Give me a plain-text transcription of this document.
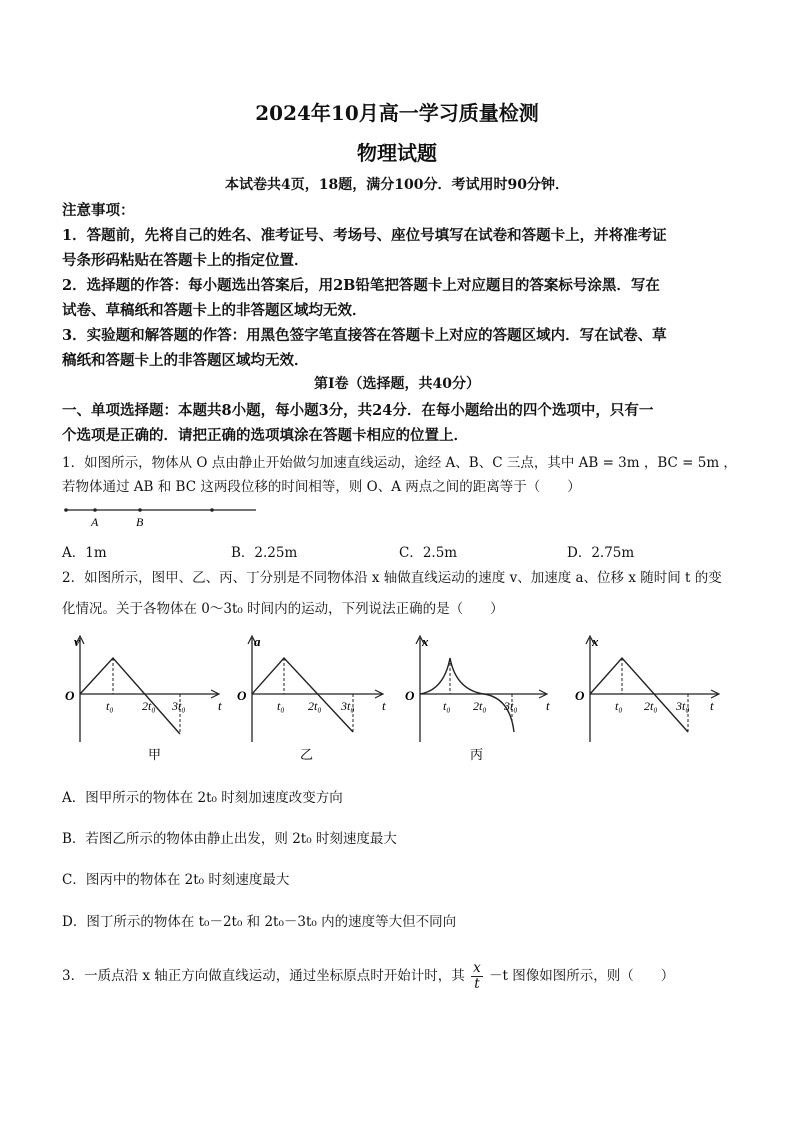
2024年10月高一学习质量检测
物理试题
本试卷共4页，18题，满分100分．考试用时90分钟．
注意事项：
1．答题前，先将自己的姓名、准考证号、考场号、座位号填写在试卷和答题卡上，并将准考证
号条形码粘贴在答题卡上的指定位置．
2．选择题的作答：每小题选出答案后，用2B铅笔把答题卡上对应题目的答案标号涂黑．写在
试卷、草稿纸和答题卡上的非答题区域均无效．
3．实验题和解答题的作答：用黑色签字笔直接答在答题卡上对应的答题区域内．写在试卷、草
稿纸和答题卡上的非答题区域均无效．
第Ⅰ卷（选择题，共40分）
一、单项选择题：本题共8小题，每小题3分，共24分．在每小题给出的四个选项中，只有一
个选项是正确的．请把正确的选项填涂在答题卡相应的位置上．
1．如图所示，物体从 O 点由静止开始做匀加速直线运动，途经 A、B、C 三点，其中 AB = 3m ，BC = 5m ，
若物体通过 AB 和 BC 这两段位移的时间相等，则 O、A 两点之间的距离等于（　　）
A	B
A．1m	B．2.25m	C．2.5m	D．2.75m
2．如图所示，图甲、乙、丙、丁分别是不同物体沿 x 轴做直线运动的速度 v、加速度 a、位移 x 随时间 t 的变
化情况。关于各物体在 0～3t₀ 时间内的运动，下列说法正确的是（　　）
v
O
t
t₀ 2t₀ 3t₀
甲
a
O
t
t₀ 2t₀ 3t₀
乙
x
O
t
t₀ 2t₀ 3t₀
丙
x
O
t
t₀ 2t₀ 3t₀
A．图甲所示的物体在 2t₀ 时刻加速度改变方向
B．若图乙所示的物体由静止出发，则 2t₀ 时刻速度最大
C．图丙中的物体在 2t₀ 时刻速度最大
D．图丁所示的物体在 t₀－2t₀ 和 2t₀－3t₀ 内的速度等大但不同向
3．一质点沿 x 轴正方向做直线运动，通过坐标原点时开始计时，其 $\frac{x}{t} -t$ 图像如图所示，则（　　）
